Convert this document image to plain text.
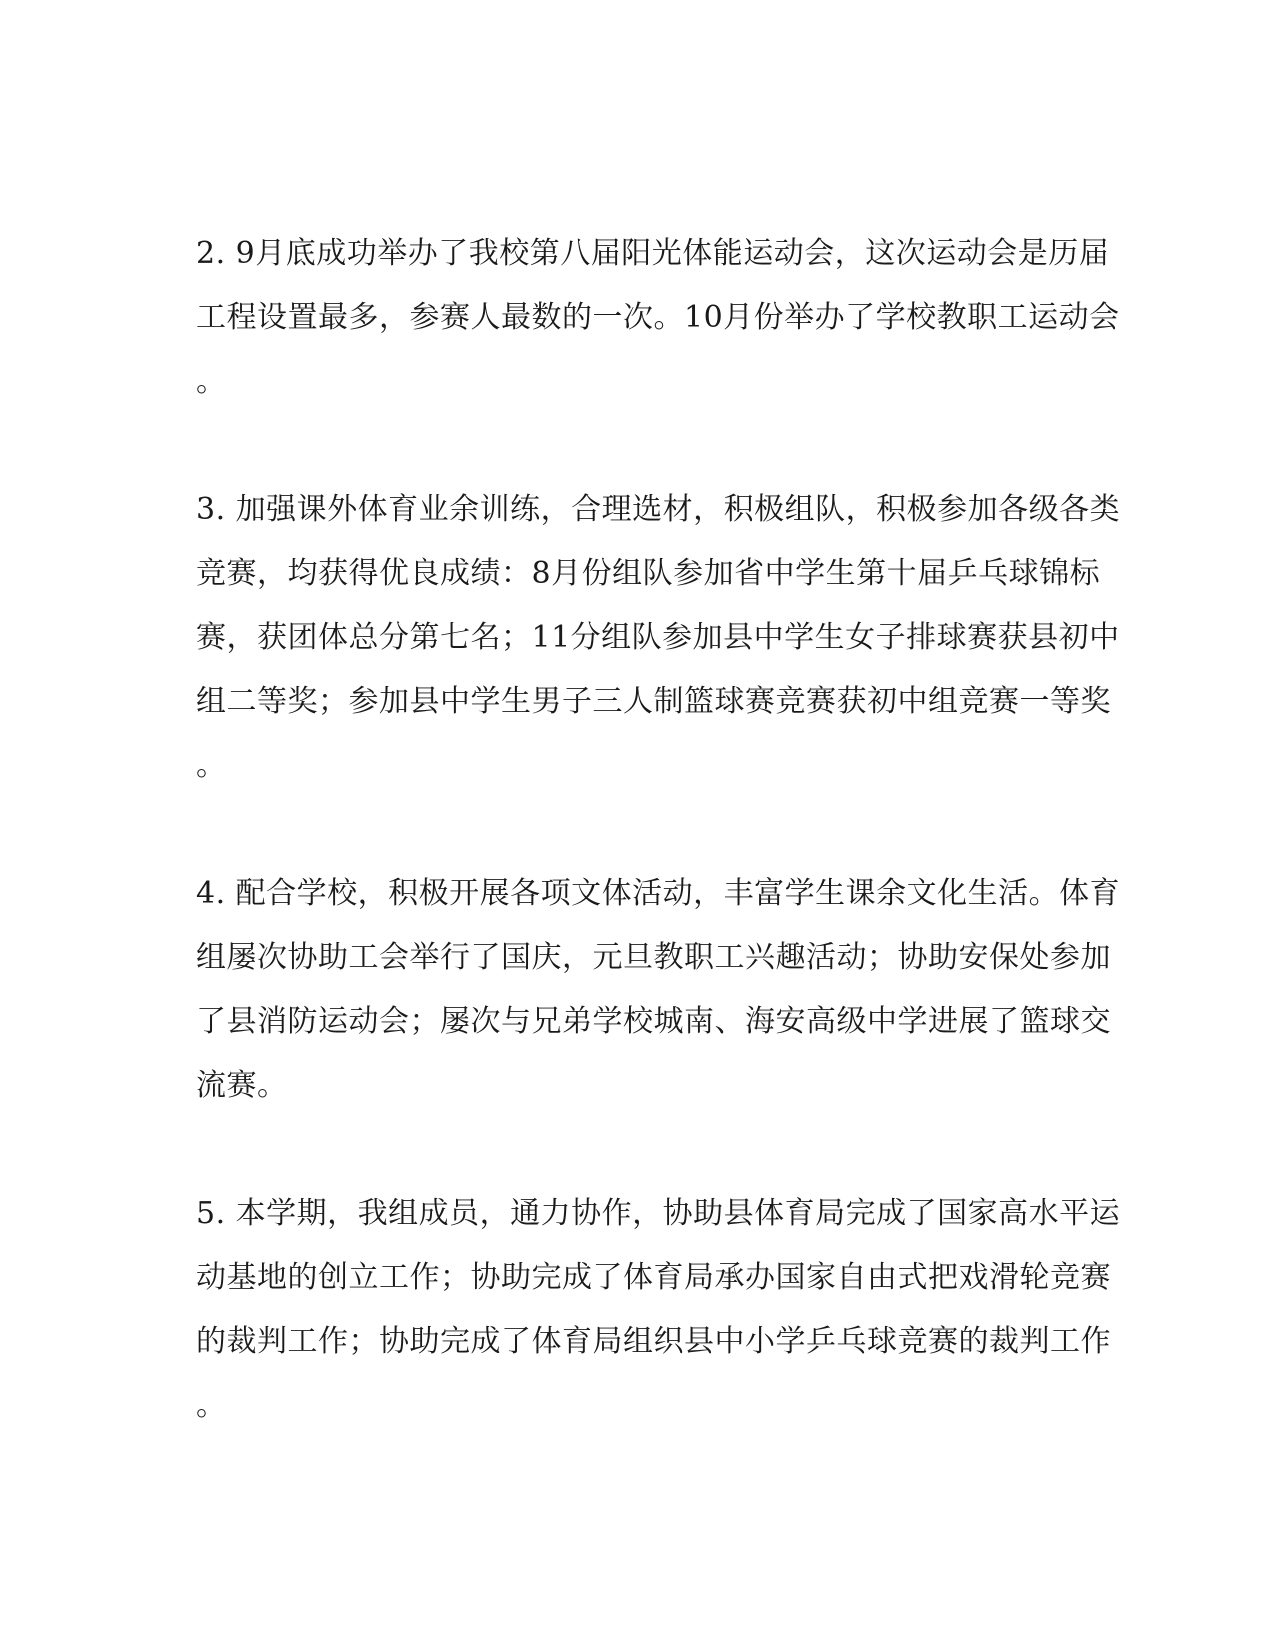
2. 9月底成功举办了我校第八届阳光体能运动会，这次运动会是历届
工程设置最多，参赛人最数的一次。10月份举办了学校教职工运动会
。

3. 加强课外体育业余训练，合理选材，积极组队，积极参加各级各类
竞赛，均获得优良成绩：8月份组队参加省中学生第十届乒乓球锦标
赛，获团体总分第七名；11分组队参加县中学生女子排球赛获县初中
组二等奖；参加县中学生男子三人制篮球赛竞赛获初中组竞赛一等奖
。

4. 配合学校，积极开展各项文体活动，丰富学生课余文化生活。体育
组屡次协助工会举行了国庆，元旦教职工兴趣活动；协助安保处参加
了县消防运动会；屡次与兄弟学校城南、海安高级中学进展了篮球交
流赛。

5. 本学期，我组成员，通力协作，协助县体育局完成了国家高水平运
动基地的创立工作；协助完成了体育局承办国家自由式把戏滑轮竞赛
的裁判工作；协助完成了体育局组织县中小学乒乓球竞赛的裁判工作
。
